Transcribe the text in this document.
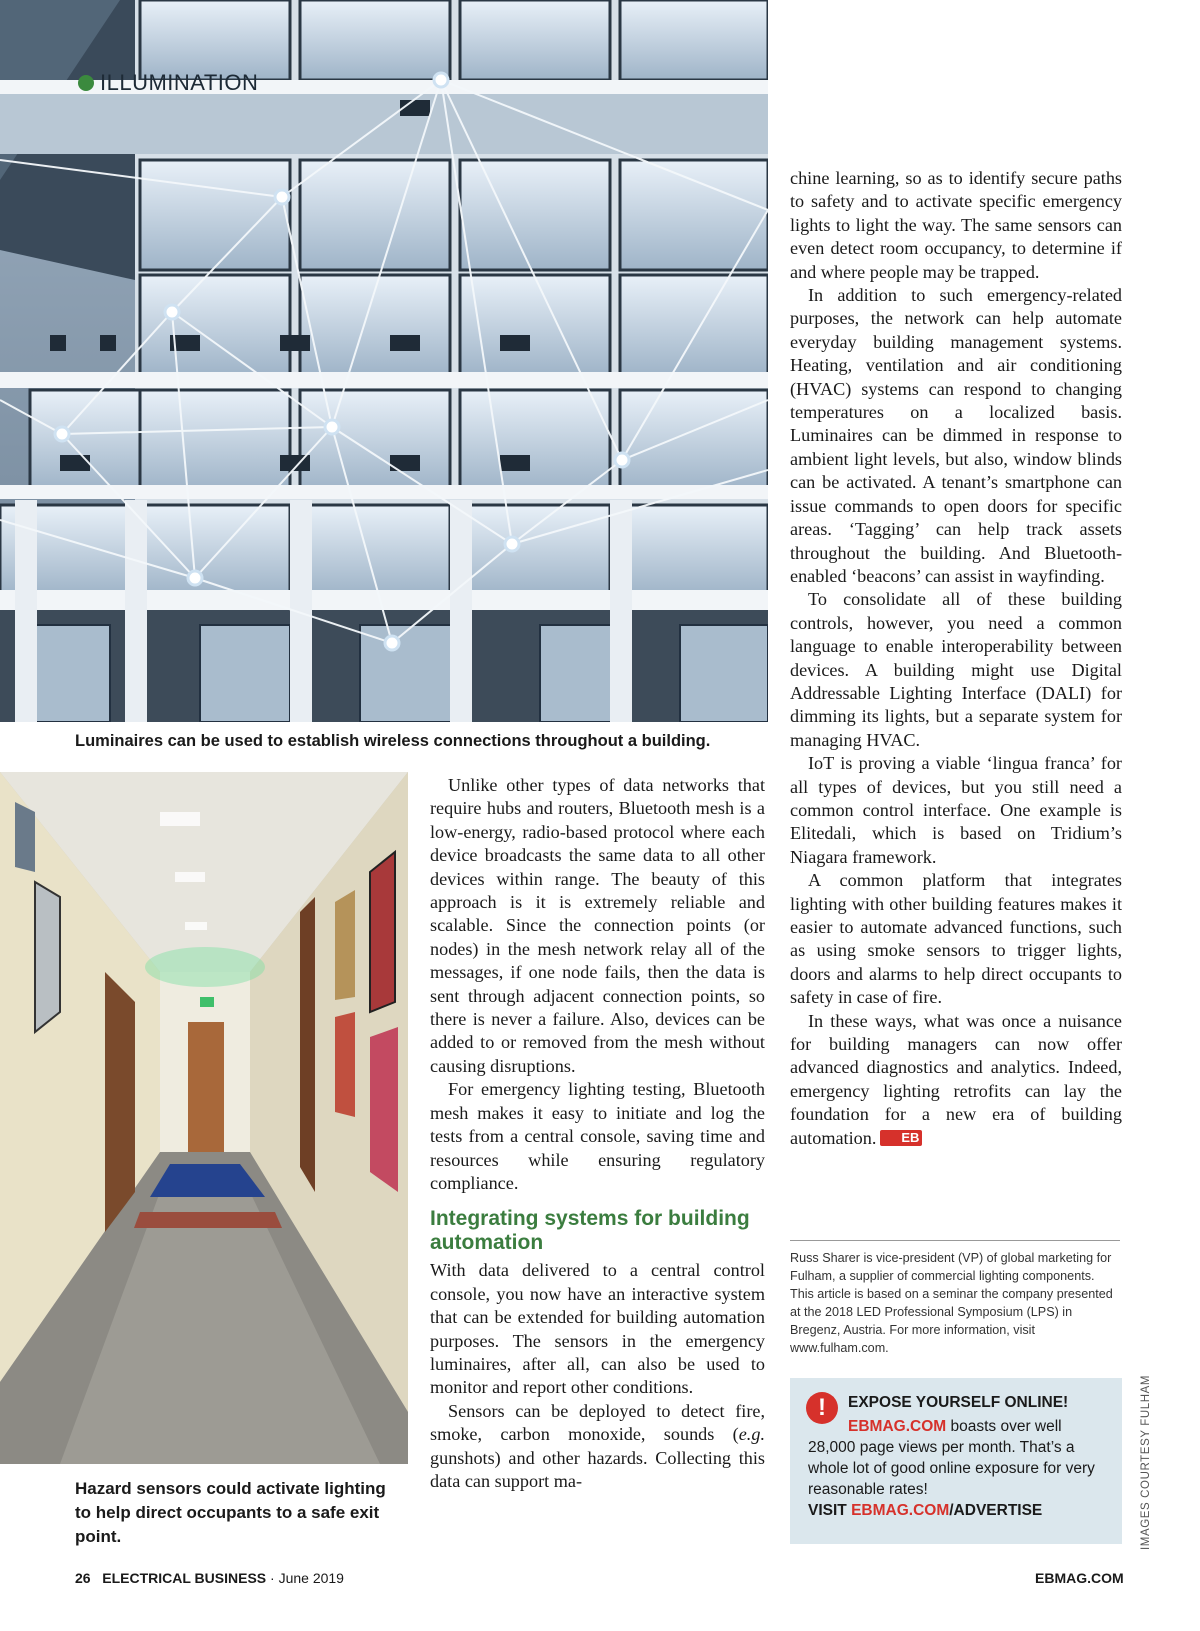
ILLUMINATION
Luminaires can be used to establish wireless connections throughout a building.
Hazard sensors could activate lighting to help direct occupants to a safe exit point.

Unlike other types of data networks that require hubs and routers, Bluetooth mesh is a low-energy, radio-based protocol where each device broadcasts the same data to all other devices within range. The beauty of this approach is it is extremely reliable and scalable. Since the connection points (or nodes) in the mesh network relay all of the messages, if one node fails, then the data is sent through adjacent connection points, so there is never a failure. Also, devices can be added to or removed from the mesh without causing disruptions.

For emergency lighting testing, Bluetooth mesh makes it easy to initiate and log the tests from a central console, saving time and resources while ensuring regulatory compliance.

Integrating systems for building automation

With data delivered to a central control console, you now have an interactive system that can be extended for building automation purposes. The sensors in the emergency luminaires, after all, can also be used to monitor and report other conditions.

Sensors can be deployed to detect fire, smoke, carbon monoxide, sounds (e.g. gunshots) and other hazards. Collecting this data can support ma-

chine learning, so as to identify secure paths to safety and to activate specific emergency lights to light the way. The same sensors can even detect room occupancy, to determine if and where people may be trapped.

In addition to such emergency-related purposes, the network can help automate everyday building management systems. Heating, ventilation and air conditioning (HVAC) systems can respond to changing temperatures on a localized basis. Luminaires can be dimmed in response to ambient light levels, but also, window blinds can be activated. A tenant’s smartphone can issue commands to open doors for specific areas. ‘Tagging’ can help track assets throughout the building. And Bluetooth-enabled ‘beacons’ can assist in wayfinding.

To consolidate all of these building controls, however, you need a common language to enable interoperability between devices. A building might use Digital Addressable Lighting Interface (DALI) for dimming its lights, but a separate system for managing HVAC.

IoT is proving a viable ‘lingua franca’ for all types of devices, but you still need a common control interface. One example is Elitedali, which is based on Tridium’s Niagara framework.

A common platform that integrates lighting with other building features makes it easier to automate advanced functions, such as using smoke sensors to trigger lights, doors and alarms to help direct occupants to safety in case of fire.

In these ways, what was once a nuisance for building managers can now offer advanced diagnostics and analytics. Indeed, emergency lighting retrofits can lay the foundation for a new era of building automation. EB

Russ Sharer is vice-president (VP) of global marketing for Fulham, a supplier of commercial lighting components. This article is based on a seminar the company presented at the 2018 LED Professional Symposium (LPS) in Bregenz, Austria. For more information, visit www.fulham.com.
!	EXPOSE YOURSELF ONLINE!
EBMAG.COM boasts over well 28,000 page views per month. That’s a whole lot of good online exposure for very reasonable rates!
VISIT EBMAG.COM/ADVERTISE	IMAGES COURTESY FULHAM
26 ELECTRICAL BUSINESS · June 2019	EBMAG.COM
